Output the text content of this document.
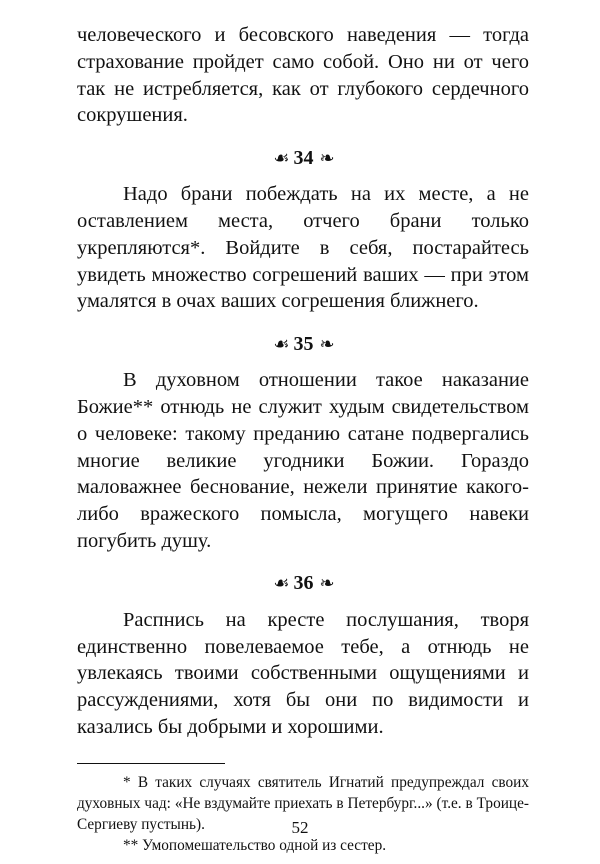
человеческого и бесовского наведения — тогда страхование пройдет само собой. Оно ни от чего так не истребляется, как от глубокого сердечного сокрушения.

☙ 34 ❧

Надо брани побеждать на их месте, а не оставлением места, отчего брани только укрепляются*. Войдите в себя, постарайтесь увидеть множество согрешений ваших — при этом умалятся в очах ваших согрешения ближнего.

☙ 35 ❧

В духовном отношении такое наказание Божие** отнюдь не служит худым свидетельством о человеке: такому преданию сатане подвергались многие великие угодники Божии. Гораздо маловажнее беснование, нежели принятие какого-либо вражеского помысла, могущего навеки погубить душу.

☙ 36 ❧

Распнись на кресте послушания, творя единственно повелеваемое тебе, а отнюдь не увлекаясь твоими собственными ощущениями и рассуждениями, хотя бы они по видимости и казались бы добрыми и хорошими.

* В таких случаях святитель Игнатий предупреждал своих духовных чад: «Не вздумайте приехать в Петербург...» (т.е. в Троице-Сергиеву пустынь).

** Умопомешательство одной из сестер.

52
